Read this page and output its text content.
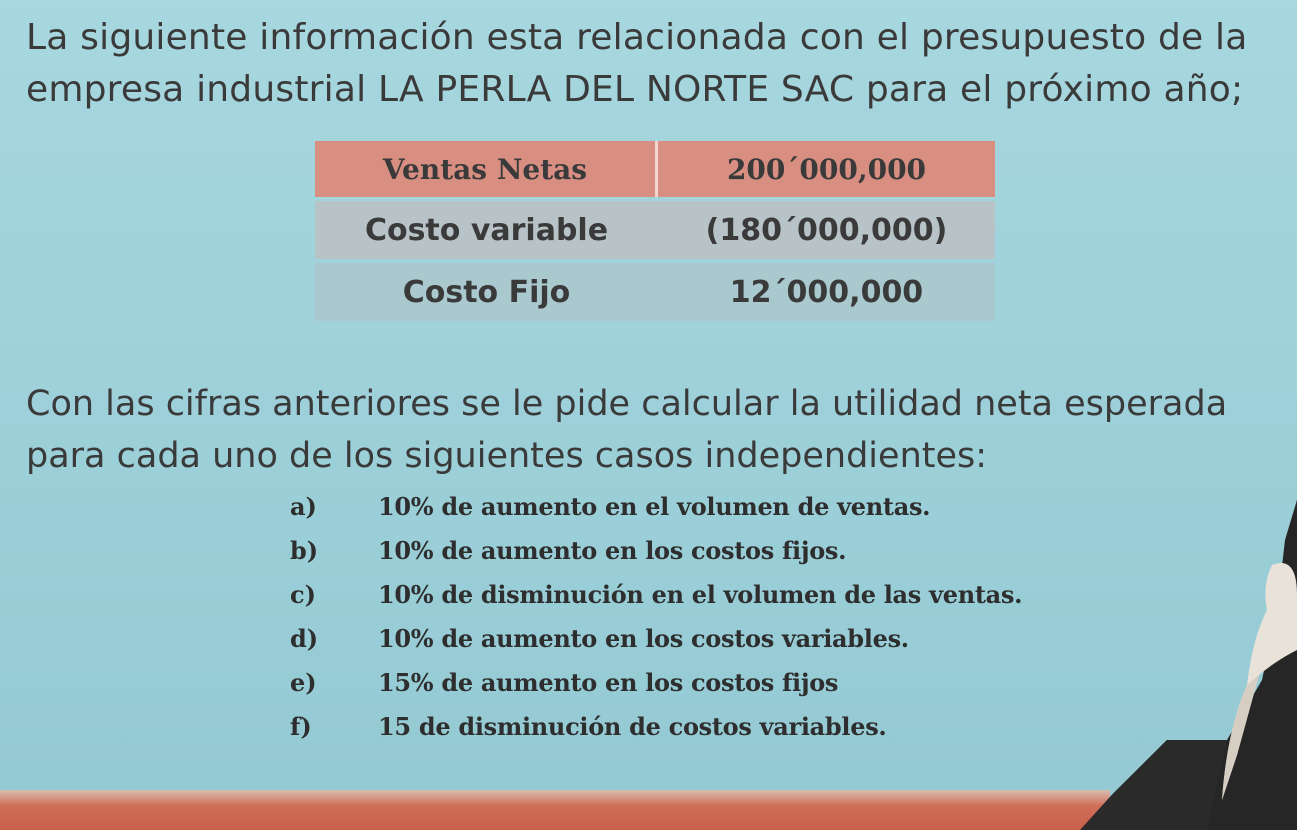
La siguiente información esta relacionada con el presupuesto de la
empresa industrial LA PERLA DEL NORTE SAC para el próximo año;
Ventas Netas	200´000,000
Costo variable	(180´000,000)
Costo Fijo	12´000,000
Con las cifras anteriores se le pide calcular la utilidad neta esperada
para cada uno de los siguientes casos independientes:
a)	10% de aumento en el volumen de ventas.
b)	10% de aumento en los costos fijos.
c)	10% de disminución en el volumen de las ventas.
d)	10% de aumento en los costos variables.
e)	15% de aumento en los costos fijos
f)	15 de disminución de costos variables.
